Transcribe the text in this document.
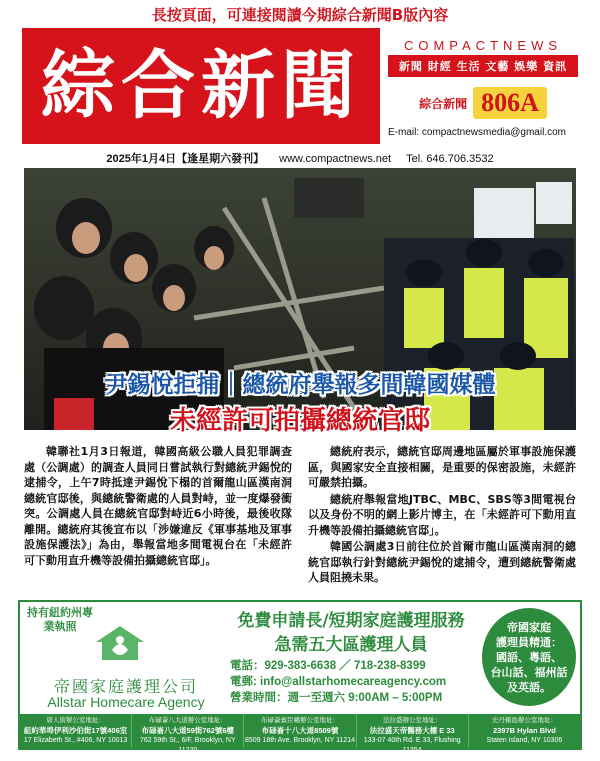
長按頁面，可連接閱讀今期綜合新聞B版內容
綜合新聞	COMPACTNEWS
新聞 財經 生活 文藝 娛樂 資訊
綜合新聞 806A
E-mail: compactnewsmedia@gmail.com
2025年1月4日【逢星期六發刊】 www.compactnews.net Tel. 646.706.3532
尹錫悅拒捕｜總統府舉報多間韓國媒體
未經許可拍攝總統官邸

韓聯社1月3日報道，韓國高級公職人員犯罪調查處（公調處）的調查人員同日嘗試執行對總統尹錫悅的逮捕令，上午7時抵達尹錫悅下榻的首爾龍山區漢南洞總統官邸後，與總統警衛處的人員對峙，並一度爆發衝突。公調處人員在總統官邸對峙近6小時後，最後收隊離開。總統府其後宣布以「涉嫌違反《軍事基地及軍事設施保護法》」為由，舉報當地多間電視台在「未經許可下動用直升機等設備拍攝總統官邸」。

總統府表示，總統官邸周邊地區屬於軍事設施保護區，與國家安全直接相關，是重要的保密設施，未經許可嚴禁拍攝。

總統府舉報當地JTBC、MBC、SBS等3間電視台以及身份不明的網上影片博主，在「未經許可下動用直升機等設備拍攝總統官邸」。

韓國公調處3日前往位於首爾市龍山區漢南洞的總統官邸執行針對總統尹錫悅的逮捕令，遭到總統警衛處人員阻撓未果。

持有紐約州專業執照
帝國家庭護理公司
Allstar Homecare Agency
免費申請長/短期家庭護理服務
急需五大區護理人員
電話：929-383-6638 ／ 718-238-8399
電郵: info@allstarhomecareagency.com
營業時間：週一至週六 9:00AM – 5:00PM
帝國家庭
護理員精通：
國語、粵語、
台山話、福州話
及英語。
唐人街辦公室地址：
紐約華埠伊利沙伯街17號406室
17 Elizabeth St., #406, NY 10013
布碌崙八大道辦公室地址：
布碌崙八大道59街762號6樓
762 59th St., 6/F, Brooklyn, NY 11220
布碌崙賓臣嘯辦公室地址：
布碌崙十八大道8509號
8509 18th Ave. Brooklyn, NY 11214
法拉盛辦公室地址：
法拉盛天帝醫務大樓 E 33
133-07 40th Rd. E 33, Flushing 11354
史丹頓島辦公室地址：
2397B Hylan Blvd
Staten Island, NY 10306
